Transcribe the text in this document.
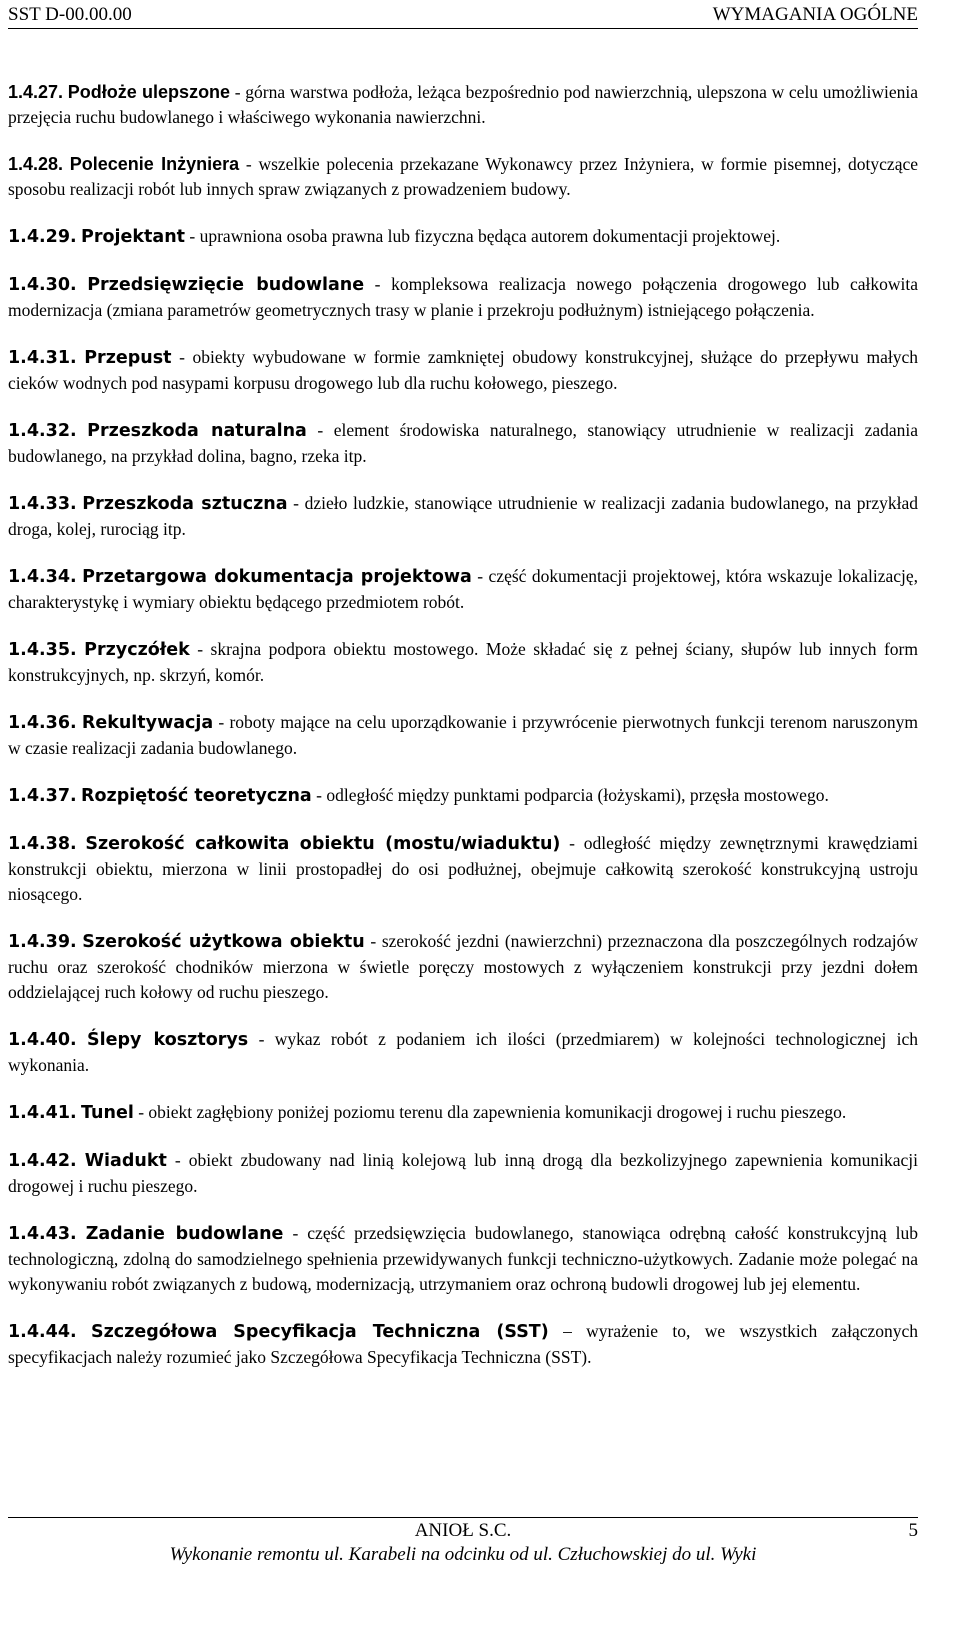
SST D-00.00.00	WYMAGANIA OGÓLNE

1.4.27. Podłoże ulepszone - górna warstwa podłoża, leżąca bezpośrednio pod nawierzchnią, ulepszona w celu umożliwienia przejęcia ruchu budowlanego i właściwego wykonania nawierzchni.

1.4.28. Polecenie Inżyniera - wszelkie polecenia przekazane Wykonawcy przez Inżyniera, w formie pisemnej, dotyczące sposobu realizacji robót lub innych spraw związanych z prowadzeniem budowy.

1.4.29. Projektant - uprawniona osoba prawna lub fizyczna będąca autorem dokumentacji projektowej.

1.4.30. Przedsięwzięcie budowlane - kompleksowa realizacja nowego połączenia drogowego lub całkowita modernizacja (zmiana parametrów geometrycznych trasy w planie i przekroju podłużnym) istniejącego połączenia.

1.4.31. Przepust - obiekty wybudowane w formie zamkniętej obudowy konstrukcyjnej, służące do przepływu małych cieków wodnych pod nasypami korpusu drogowego lub dla ruchu kołowego, pieszego.

1.4.32. Przeszkoda naturalna - element środowiska naturalnego, stanowiący utrudnienie w realizacji zadania budowlanego, na przykład dolina, bagno, rzeka itp.

1.4.33. Przeszkoda sztuczna - dzieło ludzkie, stanowiące utrudnienie w realizacji zadania budowlanego, na przykład droga, kolej, rurociąg itp.

1.4.34. Przetargowa dokumentacja projektowa - część dokumentacji projektowej, która wskazuje lokalizację, charakterystykę i wymiary obiektu będącego przedmiotem robót.

1.4.35. Przyczółek - skrajna podpora obiektu mostowego. Może składać się z pełnej ściany, słupów lub innych form konstrukcyjnych, np. skrzyń, komór.

1.4.36. Rekultywacja - roboty mające na celu uporządkowanie i przywrócenie pierwotnych funkcji terenom naruszonym w czasie realizacji zadania budowlanego.

1.4.37. Rozpiętość teoretyczna - odległość między punktami podparcia (łożyskami), przęsła mostowego.

1.4.38. Szerokość całkowita obiektu (mostu/wiaduktu) - odległość między zewnętrznymi krawędziami konstrukcji obiektu, mierzona w linii prostopadłej do osi podłużnej, obejmuje całkowitą szerokość konstrukcyjną ustroju niosącego.

1.4.39. Szerokość użytkowa obiektu - szerokość jezdni (nawierzchni) przeznaczona dla poszczególnych rodzajów ruchu oraz szerokość chodników mierzona w świetle poręczy mostowych z wyłączeniem konstrukcji przy jezdni dołem oddzielającej ruch kołowy od ruchu pieszego.

1.4.40. Ślepy kosztorys - wykaz robót z podaniem ich ilości (przedmiarem) w kolejności technologicznej ich wykonania.

1.4.41. Tunel - obiekt zagłębiony poniżej poziomu terenu dla zapewnienia komunikacji drogowej i ruchu pieszego.

1.4.42. Wiadukt - obiekt zbudowany nad linią kolejową lub inną drogą dla bezkolizyjnego zapewnienia komunikacji drogowej i ruchu pieszego.

1.4.43. Zadanie budowlane - część przedsięwzięcia budowlanego, stanowiąca odrębną całość konstrukcyjną lub technologiczną, zdolną do samodzielnego spełnienia przewidywanych funkcji techniczno-użytkowych. Zadanie może polegać na wykonywaniu robót związanych z budową, modernizacją, utrzymaniem oraz ochroną budowli drogowej lub jej elementu.

1.4.44. Szczegółowa Specyfikacja Techniczna (SST) – wyrażenie to, we wszystkich załączonych specyfikacjach należy rozumieć jako Szczegółowa Specyfikacja Techniczna (SST).

ANIOŁ S.C.	5
Wykonanie remontu ul. Karabeli na odcinku od ul. Człuchowskiej do ul. Wyki
